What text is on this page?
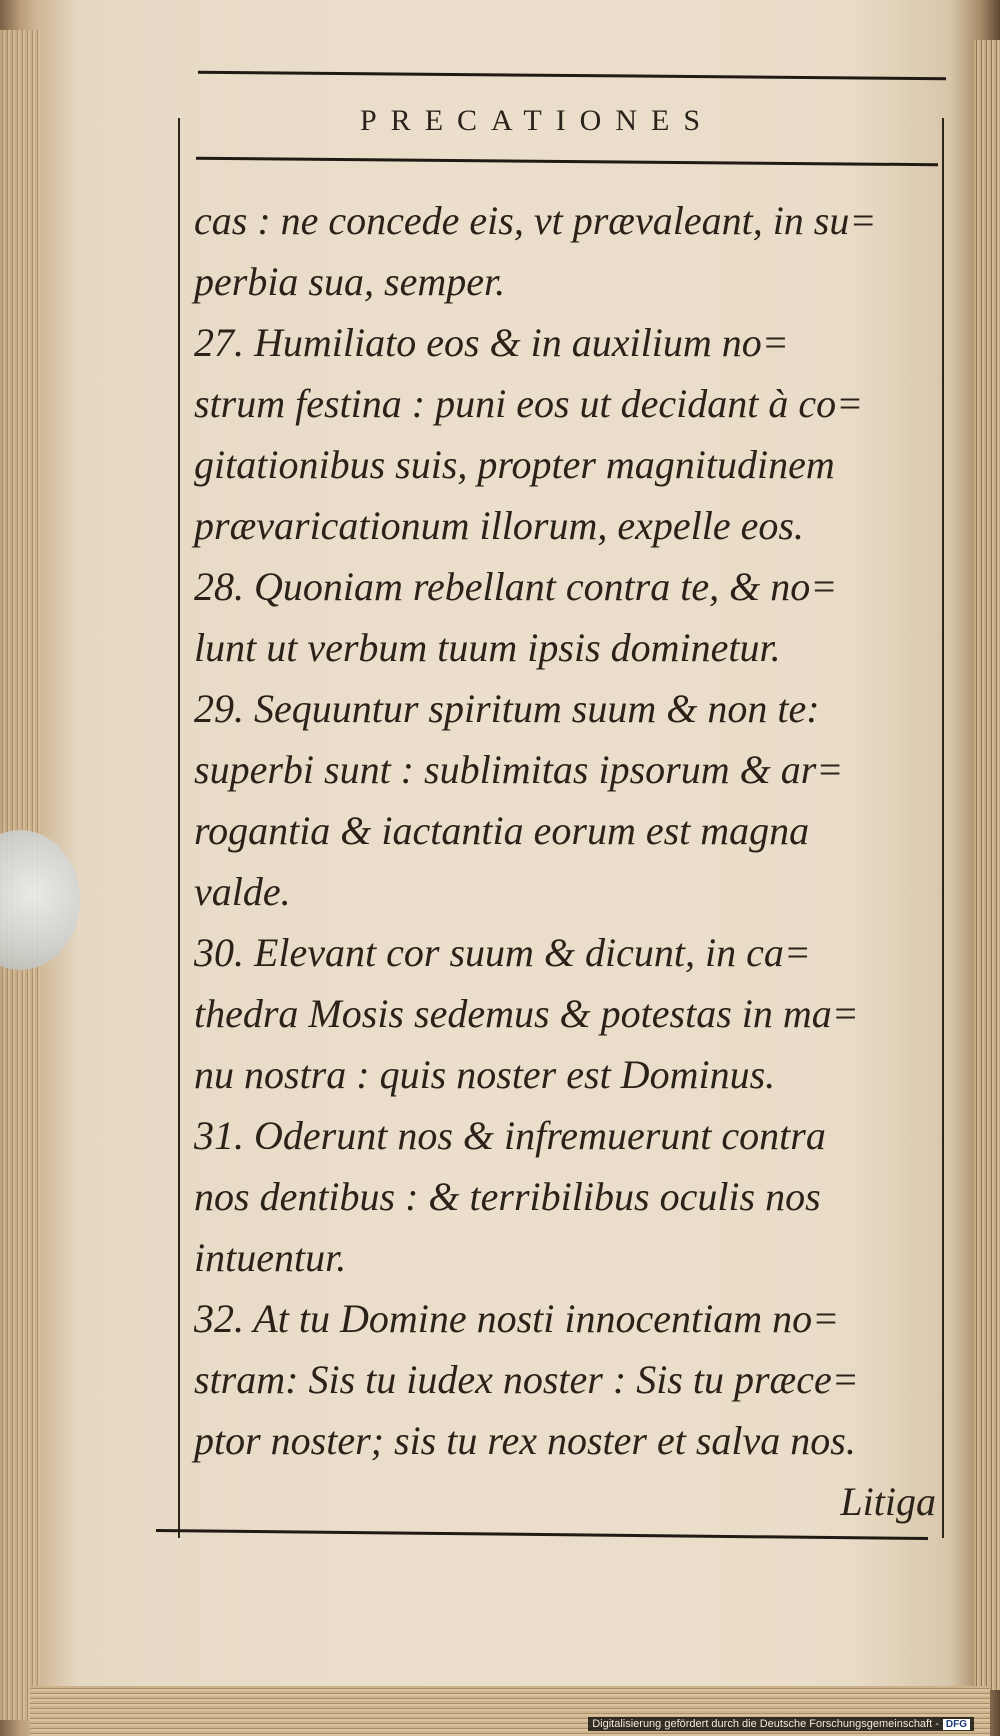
PRECATIONES
cas : ne concede eis, vt prævaleant, in su=
perbia sua, semper.
27. Humiliato eos & in auxilium no=
strum festina : puni eos ut decidant à co=
gitationibus suis, propter magnitudinem
prævaricationum illorum, expelle eos.
28. Quoniam rebellant contra te, & no=
lunt ut verbum tuum ipsis dominetur.
29. Sequuntur spiritum suum & non te:
superbi sunt : sublimitas ipsorum & ar=
rogantia & iactantia eorum est magna
valde.
30. Elevant cor suum & dicunt, in ca=
thedra Mosis sedemus & potestas in ma=
nu nostra : quis noster est Dominus.
31. Oderunt nos & infremuerunt contra
nos dentibus : & terribilibus oculis nos
intuentur.
32. At tu Domine nosti innocentiam no=
stram: Sis tu iudex noster : Sis tu præce=
ptor noster; sis tu rex noster et salva nos.
Litiga
Digitalisierung gefördert durch die Deutsche Forschungsgemeinschaft - DFG
